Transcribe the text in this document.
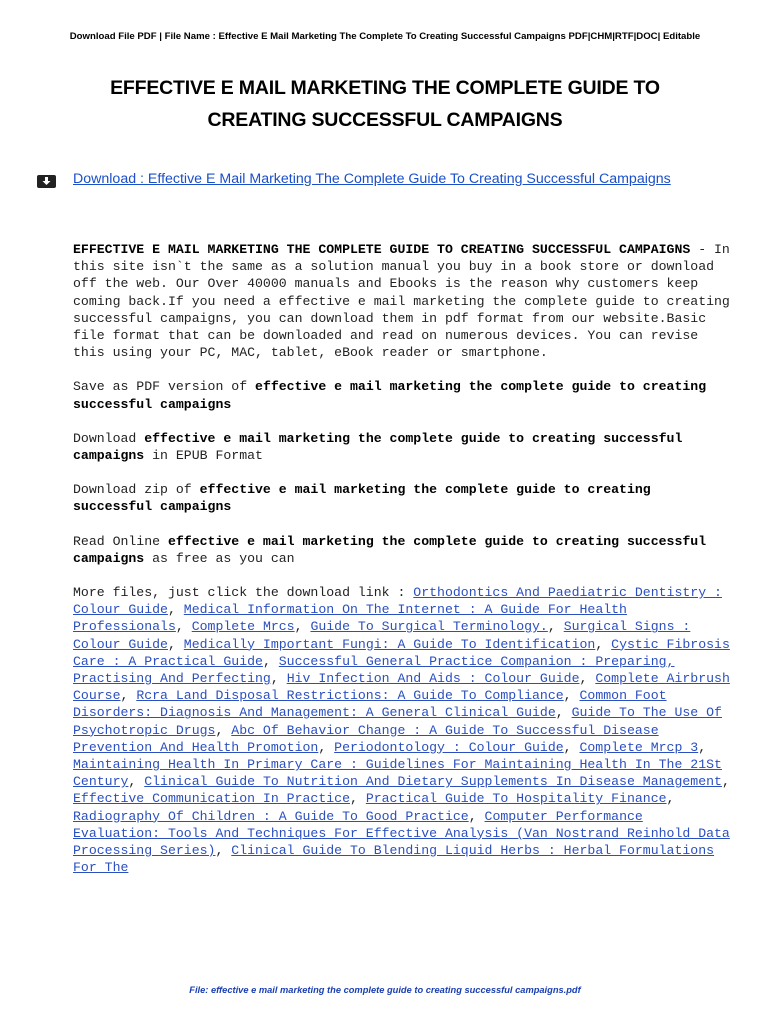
Download File PDF | File Name : Effective E Mail Marketing The Complete To Creating Successful Campaigns PDF|CHM|RTF|DOC| Editable
EFFECTIVE E MAIL MARKETING THE COMPLETE GUIDE TO
CREATING SUCCESSFUL CAMPAIGNS
Download : Effective E Mail Marketing The Complete Guide To Creating Successful Campaigns

EFFECTIVE E MAIL MARKETING THE COMPLETE GUIDE TO CREATING SUCCESSFUL CAMPAIGNS - In this site isn`t the same as a solution manual you buy in a book store or download off the web. Our Over 40000 manuals and Ebooks is the reason why customers keep coming back.If you need a effective e mail marketing the complete guide to creating successful campaigns, you can download them in pdf format from our website.Basic file format that can be downloaded and read on numerous devices. You can revise this using your PC, MAC, tablet, eBook reader or smartphone.

Save as PDF version of effective e mail marketing the complete guide to creating successful campaigns

Download effective e mail marketing the complete guide to creating successful campaigns in EPUB Format

Download zip of effective e mail marketing the complete guide to creating successful campaigns

Read Online effective e mail marketing the complete guide to creating successful campaigns as free as you can

More files, just click the download link : Orthodontics And Paediatric Dentistry : Colour Guide, Medical Information On The Internet : A Guide For Health Professionals, Complete Mrcs, Guide To Surgical Terminology., Surgical Signs : Colour Guide, Medically Important Fungi: A Guide To Identification, Cystic Fibrosis Care : A Practical Guide, Successful General Practice Companion : Preparing, Practising And Perfecting, Hiv Infection And Aids : Colour Guide, Complete Airbrush Course, Rcra Land Disposal Restrictions: A Guide To Compliance, Common Foot Disorders: Diagnosis And Management: A General Clinical Guide, Guide To The Use Of Psychotropic Drugs, Abc Of Behavior Change : A Guide To Successful Disease Prevention And Health Promotion, Periodontology : Colour Guide, Complete Mrcp 3, Maintaining Health In Primary Care : Guidelines For Maintaining Health In The 21St Century, Clinical Guide To Nutrition And Dietary Supplements In Disease Management, Effective Communication In Practice, Practical Guide To Hospitality Finance, Radiography Of Children : A Guide To Good Practice, Computer Performance Evaluation: Tools And Techniques For Effective Analysis (Van Nostrand Reinhold Data Processing Series), Clinical Guide To Blending Liquid Herbs : Herbal Formulations For The

File: effective e mail marketing the complete guide to creating successful campaigns.pdf
